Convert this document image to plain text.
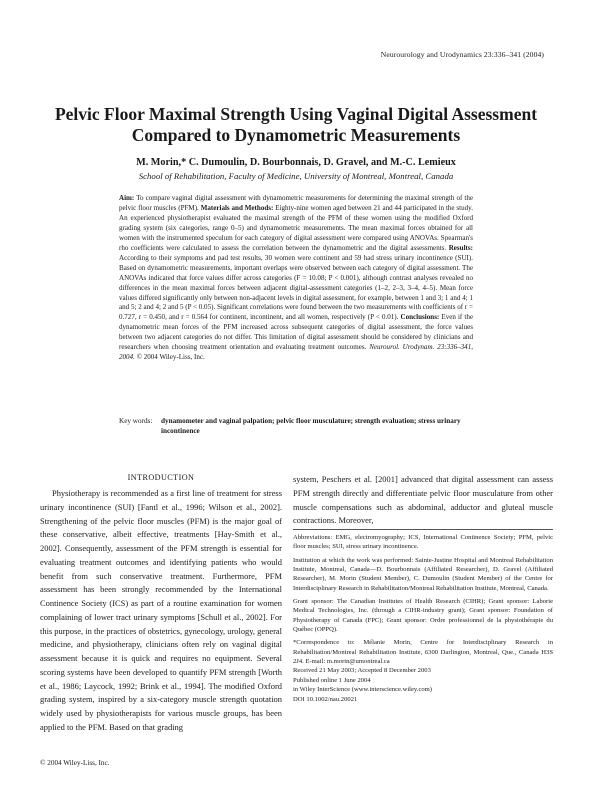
Neurourology and Urodynamics 23:336–341 (2004)
Pelvic Floor Maximal Strength Using Vaginal Digital Assessment
Compared to Dynamometric Measurements
M. Morin,* C. Dumoulin, D. Bourbonnais, D. Gravel, and M.-C. Lemieux
School of Rehabilitation, Faculty of Medicine, University of Montreal, Montreal, Canada

Aim: To compare vaginal digital assessment with dynamometric measurements for determining the maximal strength of the pelvic floor muscles (PFM). Materials and Methods: Eighty-nine women aged between 21 and 44 participated in the study. An experienced physiotherapist evaluated the maximal strength of the PFM of these women using the modified Oxford grading system (six categories, range 0–5) and dynamometric measurements. The mean maximal forces obtained for all women with the instrumented speculum for each category of digital assessment were compared using ANOVAs. Spearman's rho coefficients were calculated to assess the correlation between the dynamometric and the digital assessments. Results: According to their symptoms and pad test results, 30 women were continent and 59 had stress urinary incontinence (SUI). Based on dynamometric measurements, important overlaps were observed between each category of digital assessment. The ANOVAs indicated that force values differ across categories (F = 10.08; P < 0.001), although contrast analyses revealed no differences in the mean maximal forces between adjacent digital-assessment categories (1–2, 2–3, 3–4, 4–5). Mean force values differed significantly only between non-adjacent levels in digital assessment, for example, between 1 and 3; 1 and 4; 1 and 5; 2 and 4; 2 and 5 (P < 0.05). Significant correlations were found between the two measurements with coefficients of r = 0.727, r = 0.450, and r = 0.564 for continent, incontinent, and all women, respectively (P < 0.01). Conclusions: Even if the dynamometric mean forces of the PFM increased across subsequent categories of digital assessment, the force values between two adjacent categories do not differ. This limitation of digital assessment should be considered by clinicians and researchers when choosing treatment orientation and evaluating treatment outcomes. Neurourol. Urodynam. 23:336–341, 2004. © 2004 Wiley-Liss, Inc.

Key words: dynamometer and vaginal palpation; pelvic floor musculature; strength evaluation; stress urinary incontinence
INTRODUCTION

Physiotherapy is recommended as a first line of treatment for stress urinary incontinence (SUI) [Fantl et al., 1996; Wilson et al., 2002]. Strengthening of the pelvic floor muscles (PFM) is the major goal of these conservative, albeit effective, treatments [Hay-Smith et al., 2002]. Consequently, assessment of the PFM strength is essential for evaluating treatment outcomes and identifying patients who would benefit from such conservative treatment. Furthermore, PFM assessment has been strongly recommended by the International Continence Society (ICS) as part of a routine examination for women complaining of lower tract urinary symptoms [Schull et al., 2002]. For this purpose, in the practices of obstetrics, gynecology, urology, general medicine, and physiotherapy, clinicians often rely on vaginal digital assessment because it is quick and requires no equipment. Several scoring systems have been developed to quantify PFM strength [Worth et al., 1986; Laycock, 1992; Brink et al., 1994]. The modified Oxford grading system, inspired by a six-category muscle strength quotation widely used by physiotherapists for various muscle groups, has been applied to the PFM. Based on that grading

system, Peschers et al. [2001] advanced that digital assessment can assess PFM strength directly and differentiate pelvic floor musculature from other muscle compensations such as abdominal, adductor and gluteal muscle contractions. Moreover,

Abbreviations: EMG, electromyography; ICS, International Continence Society; PFM, pelvic floor muscles; SUI, stress urinary incontinence.

Institution at which the work was performed: Sainte-Justine Hospital and Montreal Rehabilitation Institute, Montreal, Canada—D. Bourbonnais (Affiliated Researcher), D. Gravel (Affiliated Researcher), M. Morin (Student Member), C. Dumoulin (Student Member) of the Centre for Interdisciplinary Research in Rehabilitation/Montreal Rehabilitation Institute, Montreal, Canada.

Grant sponsor: The Canadian Institutes of Health Research (CIHR); Grant sponsor: Laborie Medical Technologies, Inc. (through a CIHR-industry grant); Grant sponsor: Foundation of Physiotherapy of Canada (FPC); Grant sponsor: Ordre professionnel de la physiothérapie du Québec (OPPQ).

*Correspondence to: Mélanie Morin, Centre for Interdisciplinary Research in Rehabilitation/Montreal Rehabilitation Institute, 6300 Darlington, Montreal, Que., Canada H3S 2J4. E-mail: m.morin@umontreal.ca

Received 21 May 2003; Accepted 8 December 2003

Published online 1 June 2004

in Wiley InterScience (www.interscience.wiley.com)

DOI 10.1002/nau.20021

© 2004 Wiley-Liss, Inc.
